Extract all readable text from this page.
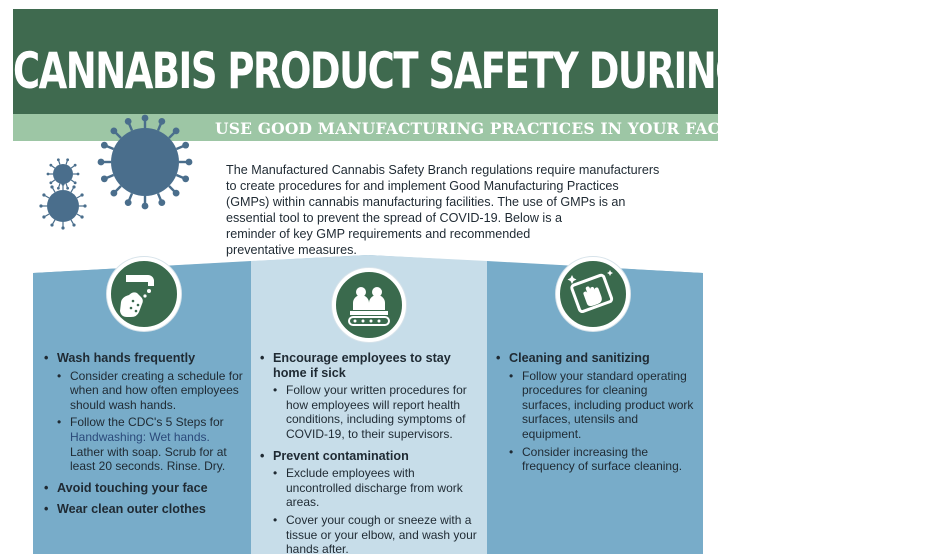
CANNABIS PRODUCT SAFETY DURING COVID-19
USE GOOD MANUFACTURING PRACTICES IN YOUR FACILITY
The Manufactured Cannabis Safety Branch regulations require manufacturers
to create procedures for and implement Good Manufacturing Practices
(GMPs) within cannabis manufacturing facilities. The use of GMPs is an
essential tool to prevent the spread of COVID-19. Below is a
reminder of key GMP requirements and recommended
preventative measures.
• Wash hands frequently
• Consider creating a schedule for when and how often employees should wash hands.
• Follow the CDC's 5 Steps for Handwashing: Wet hands. Lather with soap. Scrub for at least 20 seconds. Rinse. Dry.
• Avoid touching your face
• Wear clean outer clothes
• Encourage employees to stay home if sick
• Follow your written procedures for how employees will report health conditions, including symptoms of COVID-19, to their supervisors.
• Prevent contamination
• Exclude employees with uncontrolled discharge from work areas.
• Cover your cough or sneeze with a tissue or your elbow, and wash your hands after.
• Cleaning and sanitizing
• Follow your standard operating procedures for cleaning surfaces, including product work surfaces, utensils and equipment.
• Consider increasing the frequency of surface cleaning.
